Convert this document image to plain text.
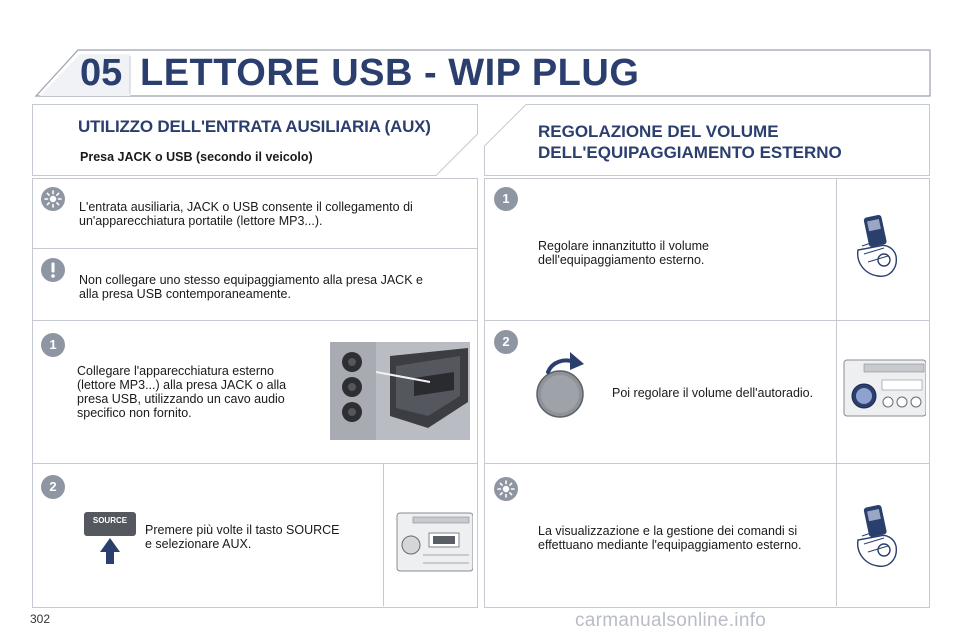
05 LETTORE USB - WIP PLUG
UTILIZZO DELL'ENTRATA AUSILIARIA (AUX)
Presa JACK o USB (secondo il veicolo)
REGOLAZIONE DEL VOLUME
DELL'EQUIPAGGIAMENTO ESTERNO
L'entrata ausiliaria, JACK o USB consente il collegamento di
un'apparecchiatura portatile (lettore MP3...).
Non collegare uno stesso equipaggiamento alla presa JACK e
alla presa USB contemporaneamente.
1
Collegare l'apparecchiatura esterno
(lettore MP3...) alla presa JACK o alla
presa USB, utilizzando un cavo audio
specifico non fornito.
2
SOURCE
Premere più volte il tasto SOURCE
e selezionare AUX.
1
Regolare innanzitutto il volume
dell'equipaggiamento esterno.
2
Poi regolare il volume dell'autoradio.
La visualizzazione e la gestione dei comandi si
effettuano mediante l'equipaggiamento esterno.
302	carmanualsonline.info
